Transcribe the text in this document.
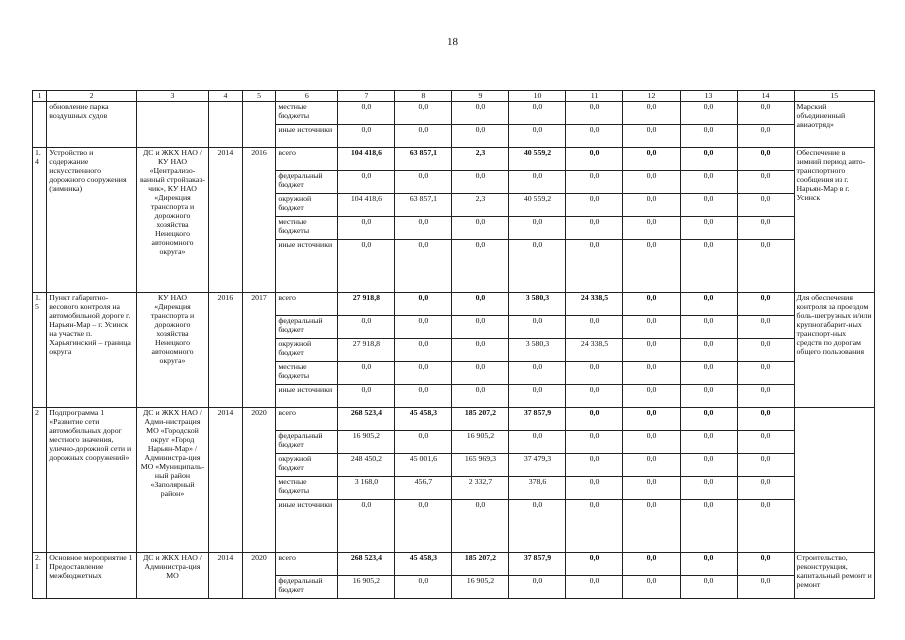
18
1	2	3	4	5	6	7	8	9	10	11	12	13	14	15
	обновление парка воздушных судов				местные бюджеты	0,0	0,0	0,0	0,0	0,0	0,0	0,0	0,0	Марский объединенный авиаотряд»
					иные источники	0,0	0,0	0,0	0,0	0,0	0,0	0,0	0,0	
1.4	Устройство и содержание искусственного дорожного сооружения (зимника)	ДС и ЖКХ НАО / КУ НАО «Централизо-ванный стройзаказ-чик», КУ НАО «Дирекция транспорта и дорожного хозяйства Ненецкого автономного округа»	2014	2016	всего	104 418,6	63 857,1	2,3	40 559,2	0,0	0,0	0,0	0,0	Обеспечение в зимний период авто-транспортного сообщения из г. Нарьян-Мар в г. Усинск
					федеральный бюджет	0,0	0,0	0,0	0,0	0,0	0,0	0,0	0,0	
					окружной бюджет	104 418,6	63 857,1	2,3	40 559,2	0,0	0,0	0,0	0,0	
					местные бюджеты	0,0	0,0	0,0	0,0	0,0	0,0	0,0	0,0	
					иные источники	0,0	0,0	0,0	0,0	0,0	0,0	0,0	0,0	
1.5	Пункт габаритно-весового контроля на автомобильной дороге г. Нарьян-Мар – г. Усинск на участке п. Харьягинский – граница округа	КУ НАО «Дирекция транспорта и дорожного хозяйства Ненецкого автономного округа»	2016	2017	всего	27 918,8	0,0	0,0	3 580,3	24 338,5	0,0	0,0	0,0	Для обеспечения контроля за проездом боль-шегрузных и/или крупногабарит-ных транспорт-ных средств по дорогам общего пользования
					федеральный бюджет	0,0	0,0	0,0	0,0	0,0	0,0	0,0	0,0	
					окружной бюджет	27 918,8	0,0	0,0	3 580,3	24 338,5	0,0	0,0	0,0	
					местные бюджеты	0,0	0,0	0,0	0,0	0,0	0,0	0,0	0,0	
					иные источники	0,0	0,0	0,0	0,0	0,0	0,0	0,0	0,0	
2	Подпрограмма 1 «Развитие сети автомобильных дорог местного значения, улично-дорожной сети и дорожных сооружений»	ДС и ЖКХ НАО / Адми-нистрация МО «Городской округ «Город Нарьян-Мар» / Администра-ция МО «Муниципаль-ный район «Заполярный район»	2014	2020	всего	268 523,4	45 458,3	185 207,2	37 857,9	0,0	0,0	0,0	0,0	
					федеральный бюджет	16 905,2	0,0	16 905,2	0,0	0,0	0,0	0,0	0,0	
					окружной бюджет	248 450,2	45 001,6	165 969,3	37 479,3	0,0	0,0	0,0	0,0	
					местные бюджеты	3 168,0	456,7	2 332,7	378,6	0,0	0,0	0,0	0,0	
					иные источники	0,0	0,0	0,0	0,0	0,0	0,0	0,0	0,0	
2.1	Основное мероприятие 1 Предоставление межбюджетных	ДС и ЖКХ НАО / Администра-ция МО	2014	2020	всего	268 523,4	45 458,3	185 207,2	37 857,9	0,0	0,0	0,0	0,0	Строительство, реконструкция, капитальный ремонт и ремонт
					федеральный бюджет	16 905,2	0,0	16 905,2	0,0	0,0	0,0	0,0	0,0	
